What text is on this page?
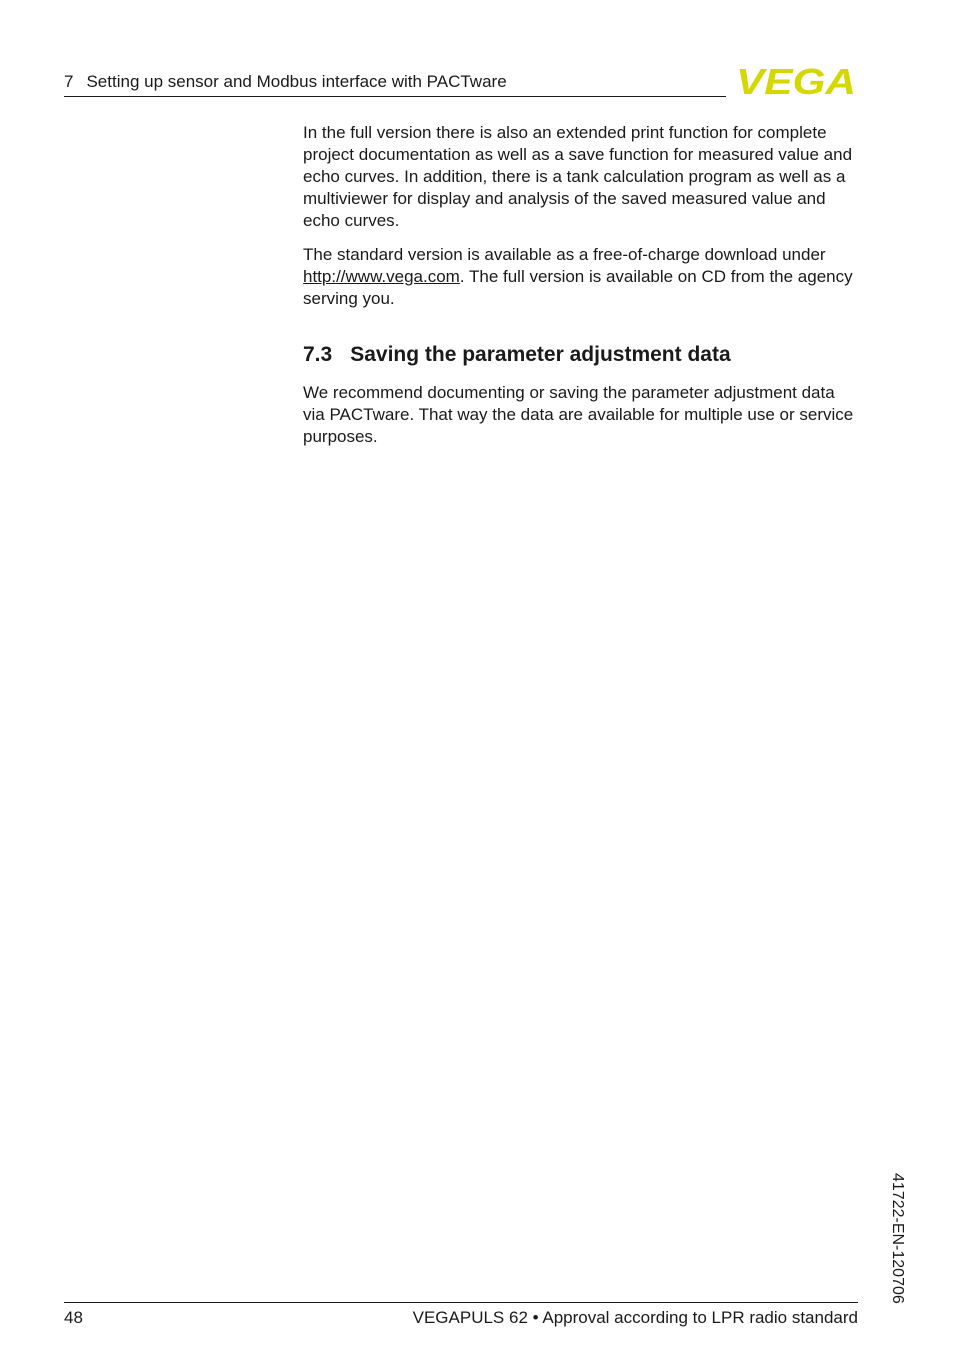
7 Setting up sensor and Modbus interface with PACTware	VEGA

In the full version there is also an extended print function for complete project documentation as well as a save function for measured value and echo curves. In addition, there is a tank calculation program as well as a multiviewer for display and analysis of the saved measured value and echo curves.

The standard version is available as a free-of-charge download under http://www.vega.com. The full version is available on CD from the agency serving you.

7.3 Saving the parameter adjustment data

We recommend documenting or saving the parameter adjustment data via PACTware. That way the data are available for multiple use or service purposes.

41722-EN-120706
48	VEGAPULS 62 • Approval according to LPR radio standard
